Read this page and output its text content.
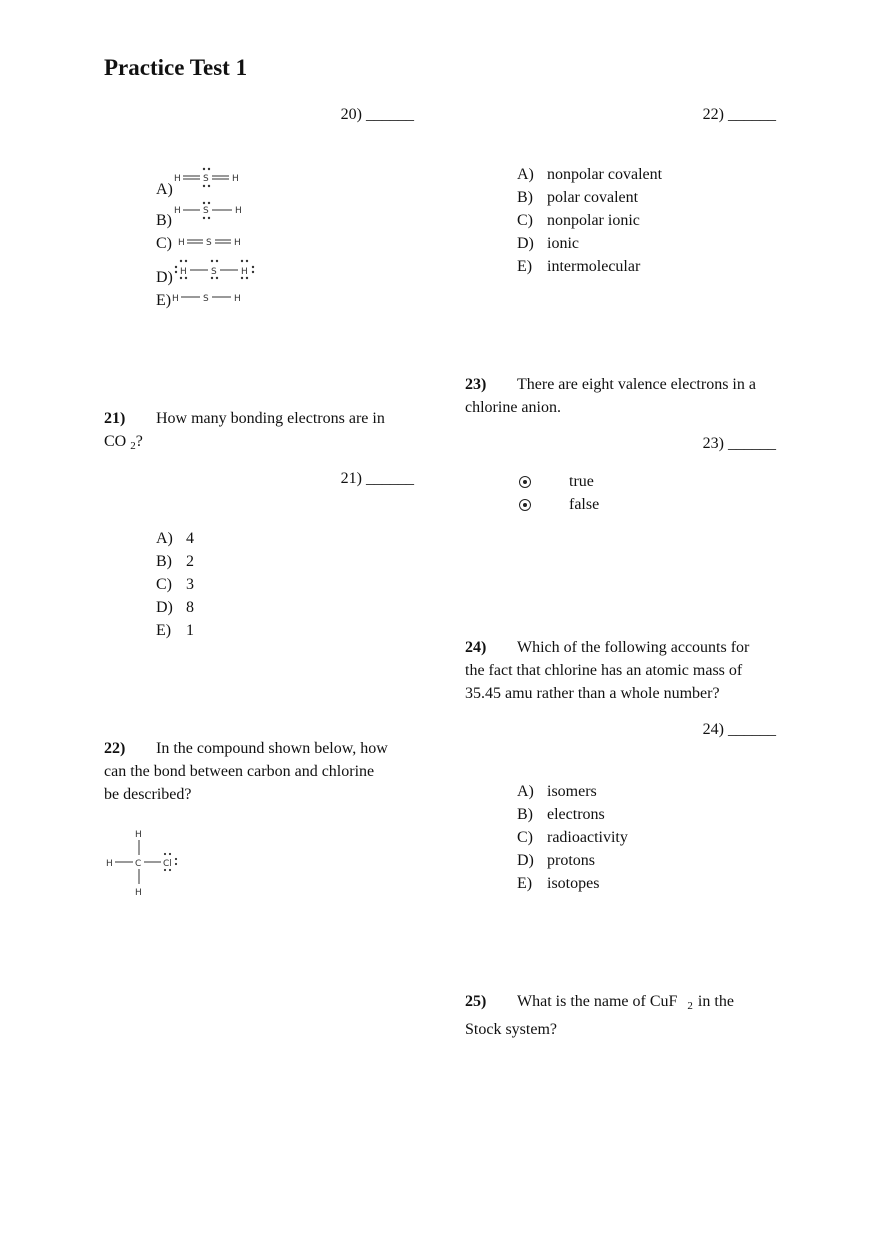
Practice Test 1
20) ______
A)
B)
C)
D)
E)
H S	H
H S	H
H S H
H	S	H
H	S	H
21) How many bonding electrons are in
CO $_2$?
21) ______
A) 4
B) 2
C) 3
D) 8
E) 1
22) In the compound shown below, how
can the bond between carbon and chlorine
be described?
H
H C Cl
H
22) ______
A) nonpolar covalent
B) polar covalent
C) nonpolar ionic
D) ionic
E) intermolecular
23) There are eight valence electrons in a
chlorine anion.
23) ______
true
false
24) Which of the following accounts for
the fact that chlorine has an atomic mass of
35.45 amu rather than a whole number?
24) ______
A) isomers
B) electrons
C) radioactivity
D) protons
E) isotopes
25) What is the name of CuF $_2$ in the
Stock system?
